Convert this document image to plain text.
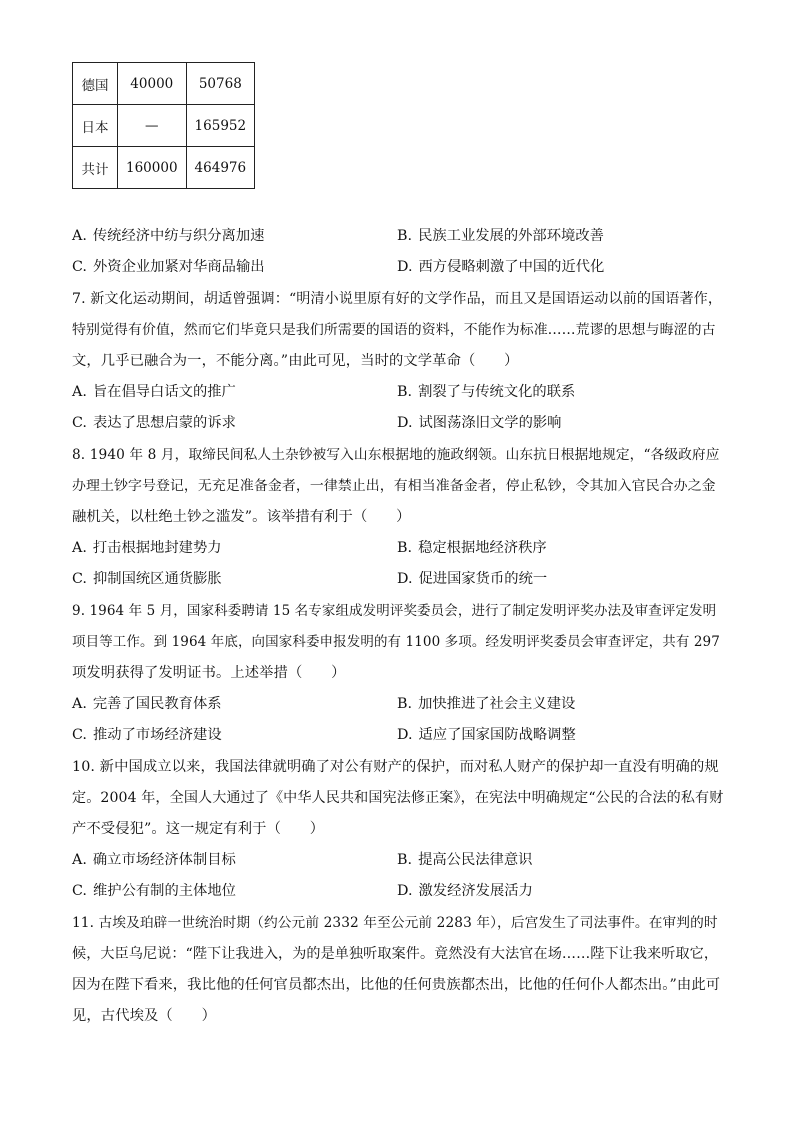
德国	40000	50768
日本	—	165952
共计	160000	464976
A. 传统经济中纺与织分离加速	B. 民族工业发展的外部环境改善
C. 外资企业加紧对华商品输出	D. 西方侵略刺激了中国的近代化
7. 新文化运动期间，胡适曾强调：“明清小说里原有好的文学作品，而且又是国语运动以前的国语著作，
特别觉得有价值，然而它们毕竟只是我们所需要的国语的资料，不能作为标准……荒谬的思想与晦涩的古
文，几乎已融合为一，不能分离。”由此可见，当时的文学革命（　　）
A. 旨在倡导白话文的推广	B. 割裂了与传统文化的联系
C. 表达了思想启蒙的诉求	D. 试图荡涤旧文学的影响
8. 1940 年 8 月，取缔民间私人土杂钞被写入山东根据地的施政纲领。山东抗日根据地规定，“各级政府应
办理土钞字号登记，无充足准备金者，一律禁止出，有相当准备金者，停止私钞，令其加入官民合办之金
融机关，以杜绝土钞之滥发”。该举措有利于（　　）
A. 打击根据地封建势力	B. 稳定根据地经济秩序
C. 抑制国统区通货膨胀	D. 促进国家货币的统一
9. 1964 年 5 月，国家科委聘请 15 名专家组成发明评奖委员会，进行了制定发明评奖办法及审查评定发明
项目等工作。到 1964 年底，向国家科委申报发明的有 1100 多项。经发明评奖委员会审查评定，共有 297
项发明获得了发明证书。上述举措（　　）
A. 完善了国民教育体系	B. 加快推进了社会主义建设
C. 推动了市场经济建设	D. 适应了国家国防战略调整
10. 新中国成立以来，我国法律就明确了对公有财产的保护，而对私人财产的保护却一直没有明确的规
定。2004 年，全国人大通过了《中华人民共和国宪法修正案》，在宪法中明确规定“公民的合法的私有财
产不受侵犯”。这一规定有利于（　　）
A. 确立市场经济体制目标	B. 提高公民法律意识
C. 维护公有制的主体地位	D. 激发经济发展活力
11. 古埃及珀辟一世统治时期（约公元前 2332 年至公元前 2283 年），后宫发生了司法事件。在审判的时
候，大臣乌尼说：“陛下让我进入，为的是单独听取案件。竟然没有大法官在场……陛下让我来听取它，
因为在陛下看来，我比他的任何官员都杰出，比他的任何贵族都杰出，比他的任何仆人都杰出。”由此可
见，古代埃及（　　）
